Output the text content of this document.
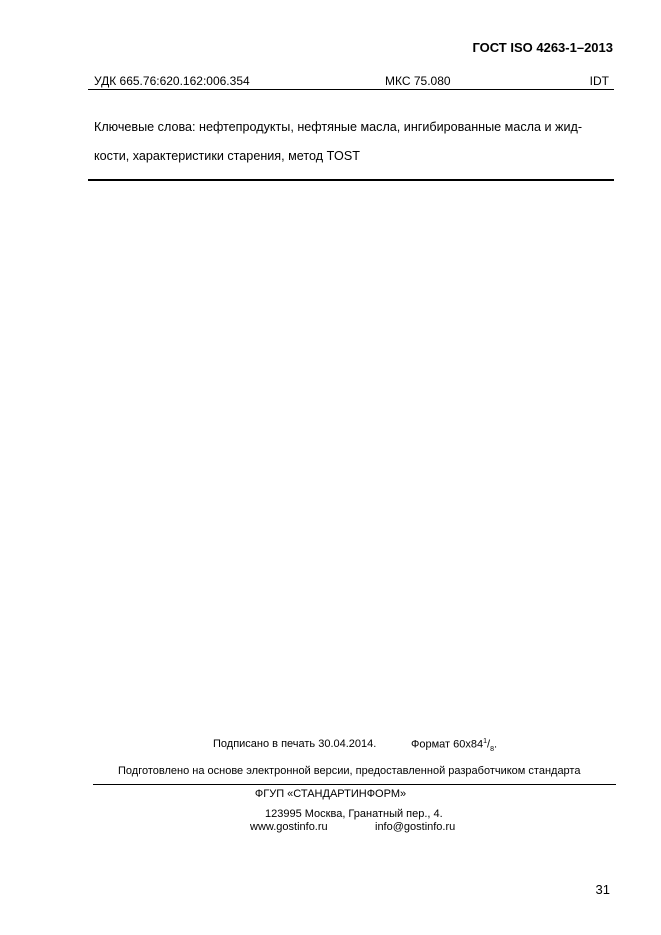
ГОСТ ISO 4263-1–2013
УДК 665.76:620.162:006.354	МКС 75.080	IDT
Ключевые слова: нефтепродукты, нефтяные масла, ингибированные масла и жид-
кости, характеристики старения, метод TOST
Подписано в печать 30.04.2014.	Формат $60х84^1/_8$.
Подготовлено на основе электронной версии, предоставленной разработчиком стандарта
ФГУП «СТАНДАРТИНФОРМ»
123995 Москва, Гранатный пер., 4.
www.gostinfo.ru	info@gostinfo.ru
31
